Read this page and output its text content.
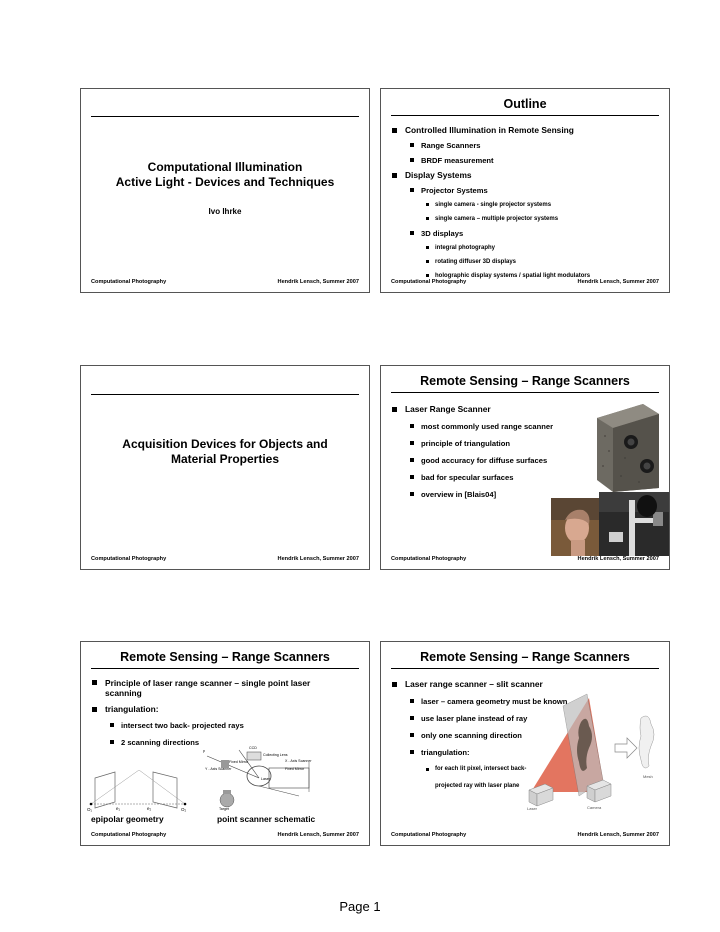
Computational Illumination
Active Light - Devices and Techniques
Ivo Ihrke
Computational Photography	Hendrik Lensch, Summer 2007
Outline
Controlled Illumination in Remote Sensing
Range Scanners
BRDF measurement
Display Systems
Projector Systems
single camera - single projector systems
single camera – multiple projector systems
3D displays
integral photography
rotating diffuser 3D displays
holographic display systems / spatial light modulators
Computational Photography	Hendrik Lensch, Summer 2007
Acquisition Devices for Objects and
Material Properties
Computational Photography	Hendrik Lensch, Summer 2007
Remote Sensing – Range Scanners
Laser Range Scanner
most commonly used range scanner
principle of triangulation
good accuracy for diffuse surfaces
bad for specular surfaces
overview in [Blais04]
Computational Photography	Hendrik Lensch, Summer 2007
Remote Sensing – Range Scanners
Principle of laser range scanner – single point laser
scanning
triangulation:
intersect two back- projected rays
2 scanning directions
O₁	O₂
e₁	e₂
CCD
Collecting Lens
X - Axis Scanner
Fixed Mirror
Fixed Mirror
Y - Axis Scanner
Laser
p
Target
epipolar geometry	point scanner schematic
Computational Photography	Hendrik Lensch, Summer 2007
Remote Sensing – Range Scanners
Laser	Camera
Mesh
Laser range scanner – slit scanner
laser – camera geometry must be known
use laser plane instead of ray
only one scanning direction
triangulation:
for each lit pixel, intersect back-
projected ray with laser plane
Computational Photography	Hendrik Lensch, Summer 2007
Page 1
